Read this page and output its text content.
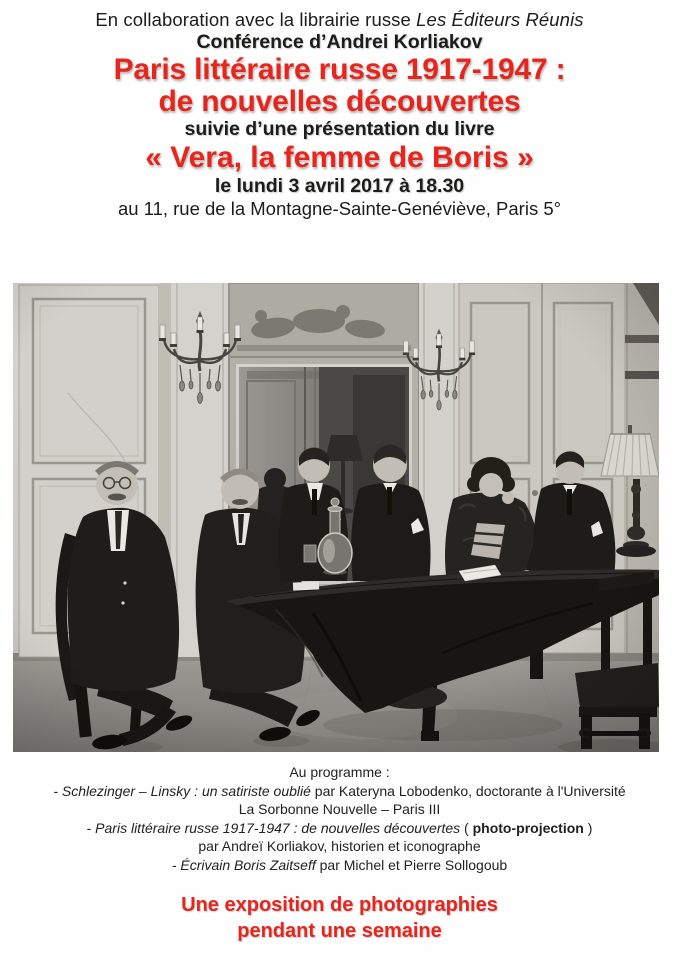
En collaboration avec la librairie russe Les Éditeurs Réunis

Conférence d’Andrei Korliakov

Paris littéraire russe 1917-1947 :
de nouvelles découvertes

suivie d’une présentation du livre

« Vera, la femme de Boris »

le lundi 3 avril 2017 à 18.30

au 11, rue de la Montagne-Sainte-Genéviève, Paris 5°

Au programme :

- Schlezinger – Linsky : un satiriste oublié par Kateryna Lobodenko, doctorante à l'Université

La Sorbonne Nouvelle – Paris III

- Paris littéraire russe 1917-1947 : de nouvelles découvertes ( photo-projection )

par Andreï Korliakov, historien et iconographe

- Écrivain Boris Zaitseff par Michel et Pierre Sollogoub

Une exposition de photographies

pendant une semaine
